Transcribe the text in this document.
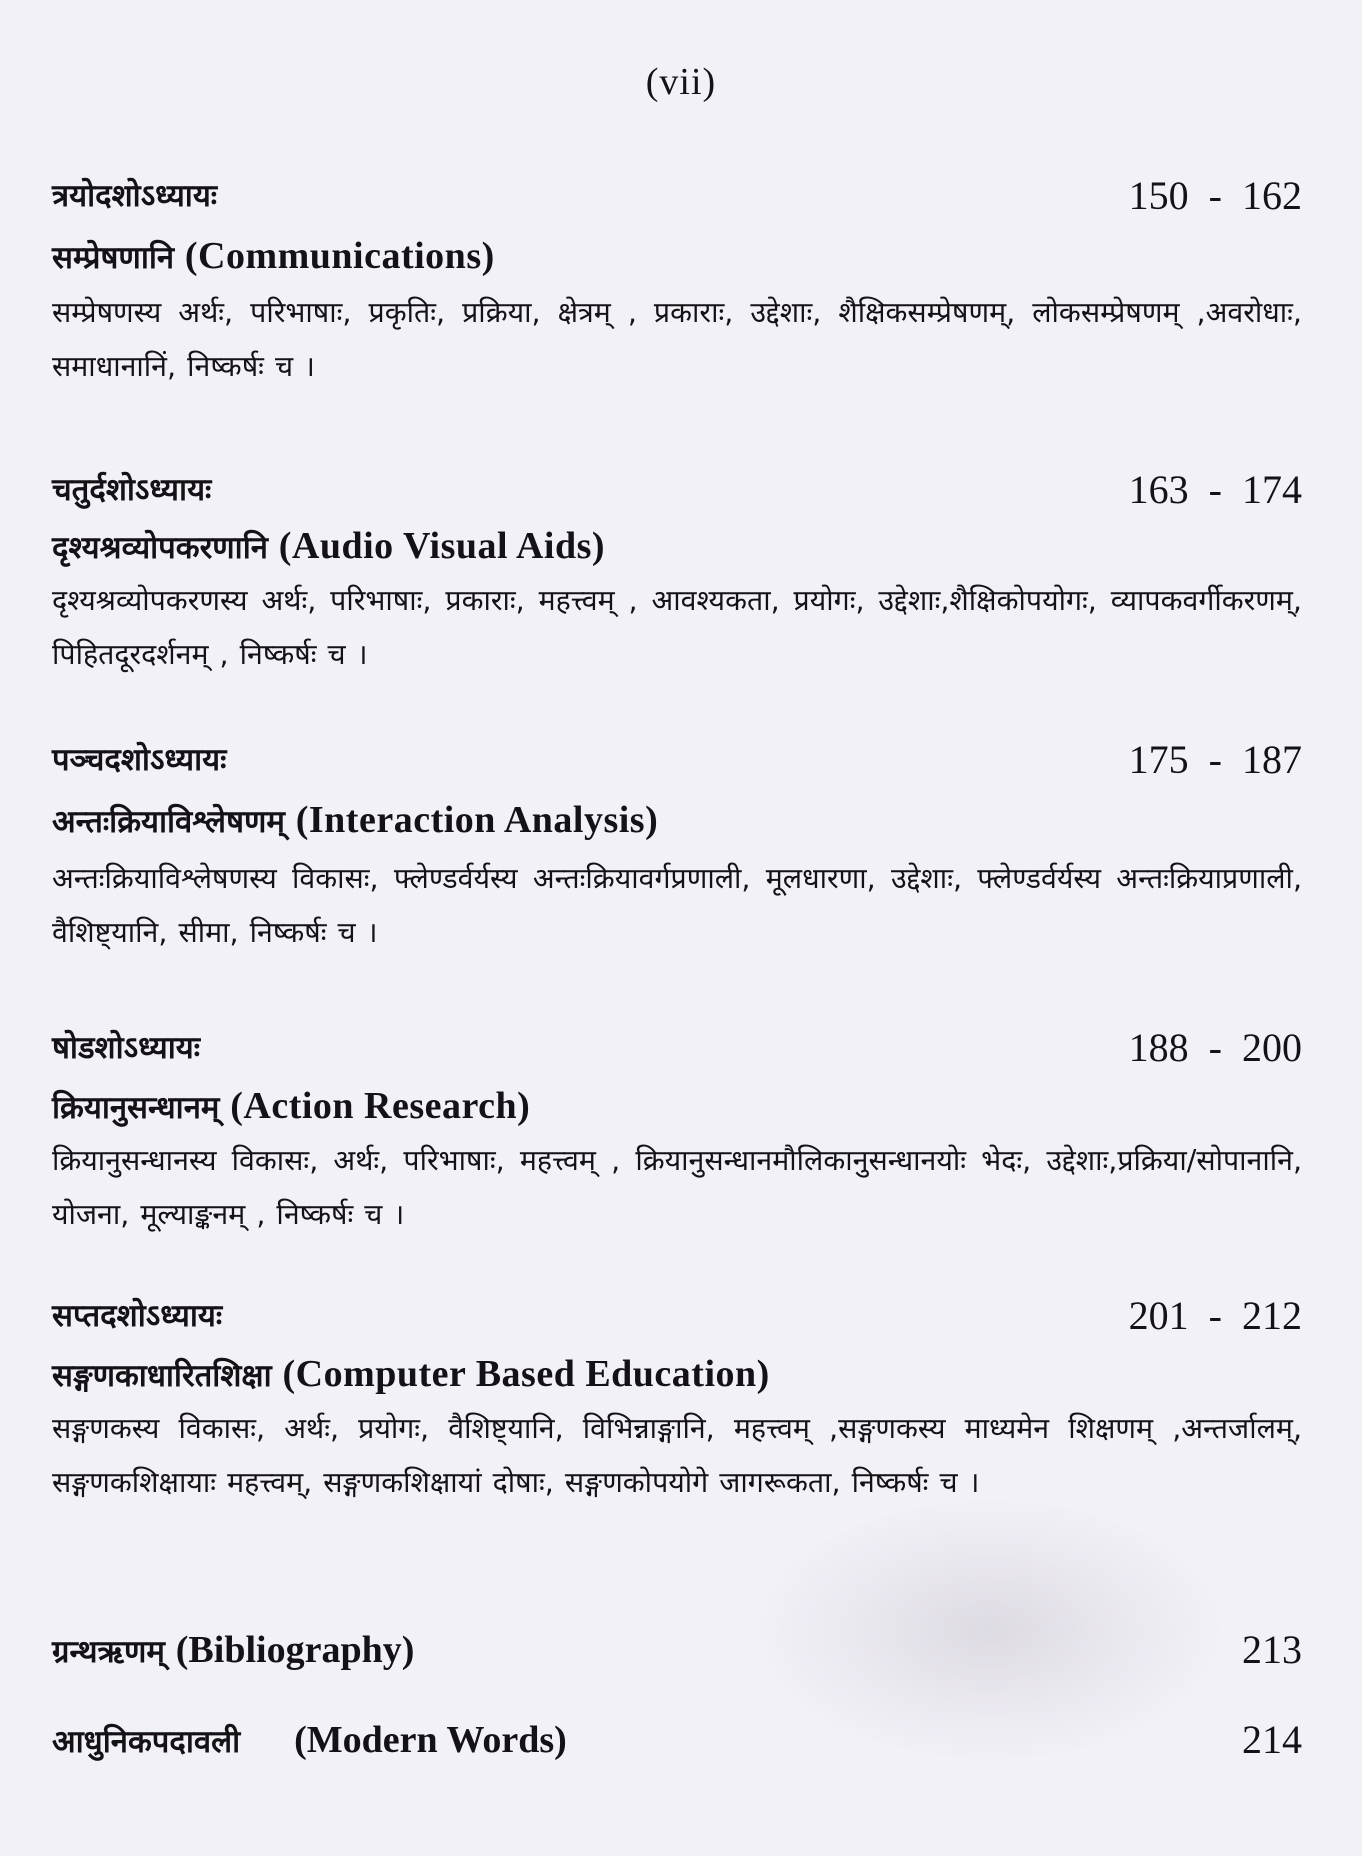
(vii)
त्रयोदशोऽध्यायः	150  -  162
सम्प्रेषणानि (Communications)
सम्प्रेषणस्य अर्थः, परिभाषाः, प्रकृतिः, प्रक्रिया, क्षेत्रम् , प्रकाराः, उद्देशाः, शैक्षिकसम्प्रेषणम्, लोकसम्प्रेषणम् ,अवरोधाः, समाधानानिं, निष्कर्षः च ।
चतुर्दशोऽध्यायः	163  -  174
दृश्यश्रव्योपकरणानि (Audio Visual Aids)
दृश्यश्रव्योपकरणस्य अर्थः, परिभाषाः, प्रकाराः, महत्त्वम् , आवश्यकता, प्रयोगः, उद्देशाः,शैक्षिकोपयोगः, व्यापकवर्गीकरणम्, पिहितदूरदर्शनम् , निष्कर्षः च ।
पञ्चदशोऽध्यायः	175  -  187
अन्तःक्रियाविश्लेषणम् (Interaction Analysis)
अन्तःक्रियाविश्लेषणस्य विकासः, फ्लेण्डर्वर्यस्य अन्तःक्रियावर्गप्रणाली, मूलधारणा, उद्देशाः, फ्लेण्डर्वर्यस्य अन्तःक्रियाप्रणाली, वैशिष्ट्यानि, सीमा, निष्कर्षः च ।
षोडशोऽध्यायः	188  -  200
क्रियानुसन्धानम् (Action Research)
क्रियानुसन्धानस्य विकासः, अर्थः, परिभाषाः, महत्त्वम् , क्रियानुसन्धानमौलिकानुसन्धानयोः भेदः, उद्देशाः,प्रक्रिया/सोपानानि, योजना, मूल्याङ्कनम् , निष्कर्षः च ।
सप्तदशोऽध्यायः	201  -  212
सङ्गणकाधारितशिक्षा (Computer Based Education)
सङ्गणकस्य विकासः, अर्थः, प्रयोगः, वैशिष्ट्यानि, विभिन्नाङ्गानि, महत्त्वम् ,सङ्गणकस्य माध्यमेन शिक्षणम् ,अन्तर्जालम्, सङ्गणकशिक्षायाः महत्त्वम्, सङ्गणकशिक्षायां दोषाः, सङ्गणकोपयोगे जागरूकता, निष्कर्षः च ।
ग्रन्थऋणम् (Bibliography)	213
आधुनिकपदावली (Modern Words)	214
